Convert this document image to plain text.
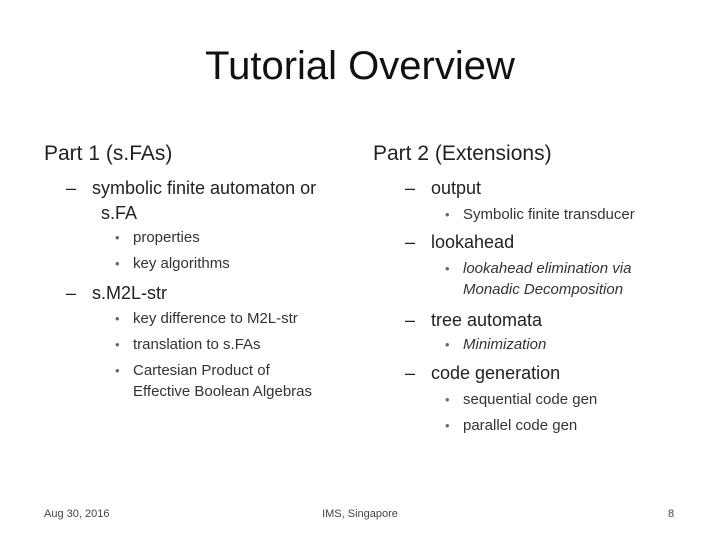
Tutorial Overview
Part 1 (s.FAs)
– symbolic finite automaton or
s.FA
• properties
• key algorithms
– s.M2L-str
• key difference to M2L-str
• translation to s.FAs
• Cartesian Product of
Effective Boolean Algebras
Part 2 (Extensions)
– output
• Symbolic finite transducer
– lookahead
• lookahead elimination via
Monadic Decomposition
– tree automata
• Minimization
– code generation
• sequential code gen
• parallel code gen
Aug 30, 2016	IMS, Singapore	8
